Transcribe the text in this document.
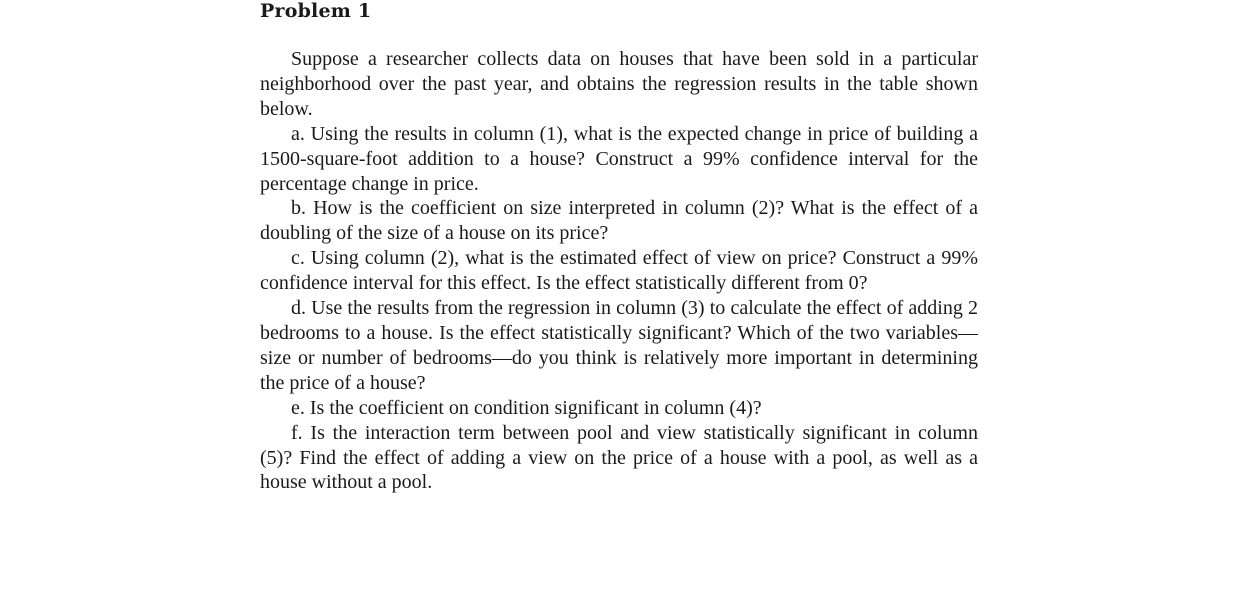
Problem 1

Suppose a researcher collects data on houses that have been sold in a particular neighborhood over the past year, and obtains the regression results in the table shown below.

a. Using the results in column (1), what is the expected change in price of building a 1500-square-foot addition to a house? Construct a 99% confidence interval for the percentage change in price.

b. How is the coefficient on size interpreted in column (2)? What is the effect of a doubling of the size of a house on its price?

c. Using column (2), what is the estimated effect of view on price? Construct a 99% confidence interval for this effect. Is the effect statistically different from 0?

d. Use the results from the regression in column (3) to calculate the effect of adding 2 bedrooms to a house. Is the effect statistically significant? Which of the two variables—size or number of bedrooms—do you think is relatively more important in determining the price of a house?

e. Is the coefficient on condition significant in column (4)?

f. Is the interaction term between pool and view statistically significant in column (5)? Find the effect of adding a view on the price of a house with a pool, as well as a house without a pool.
